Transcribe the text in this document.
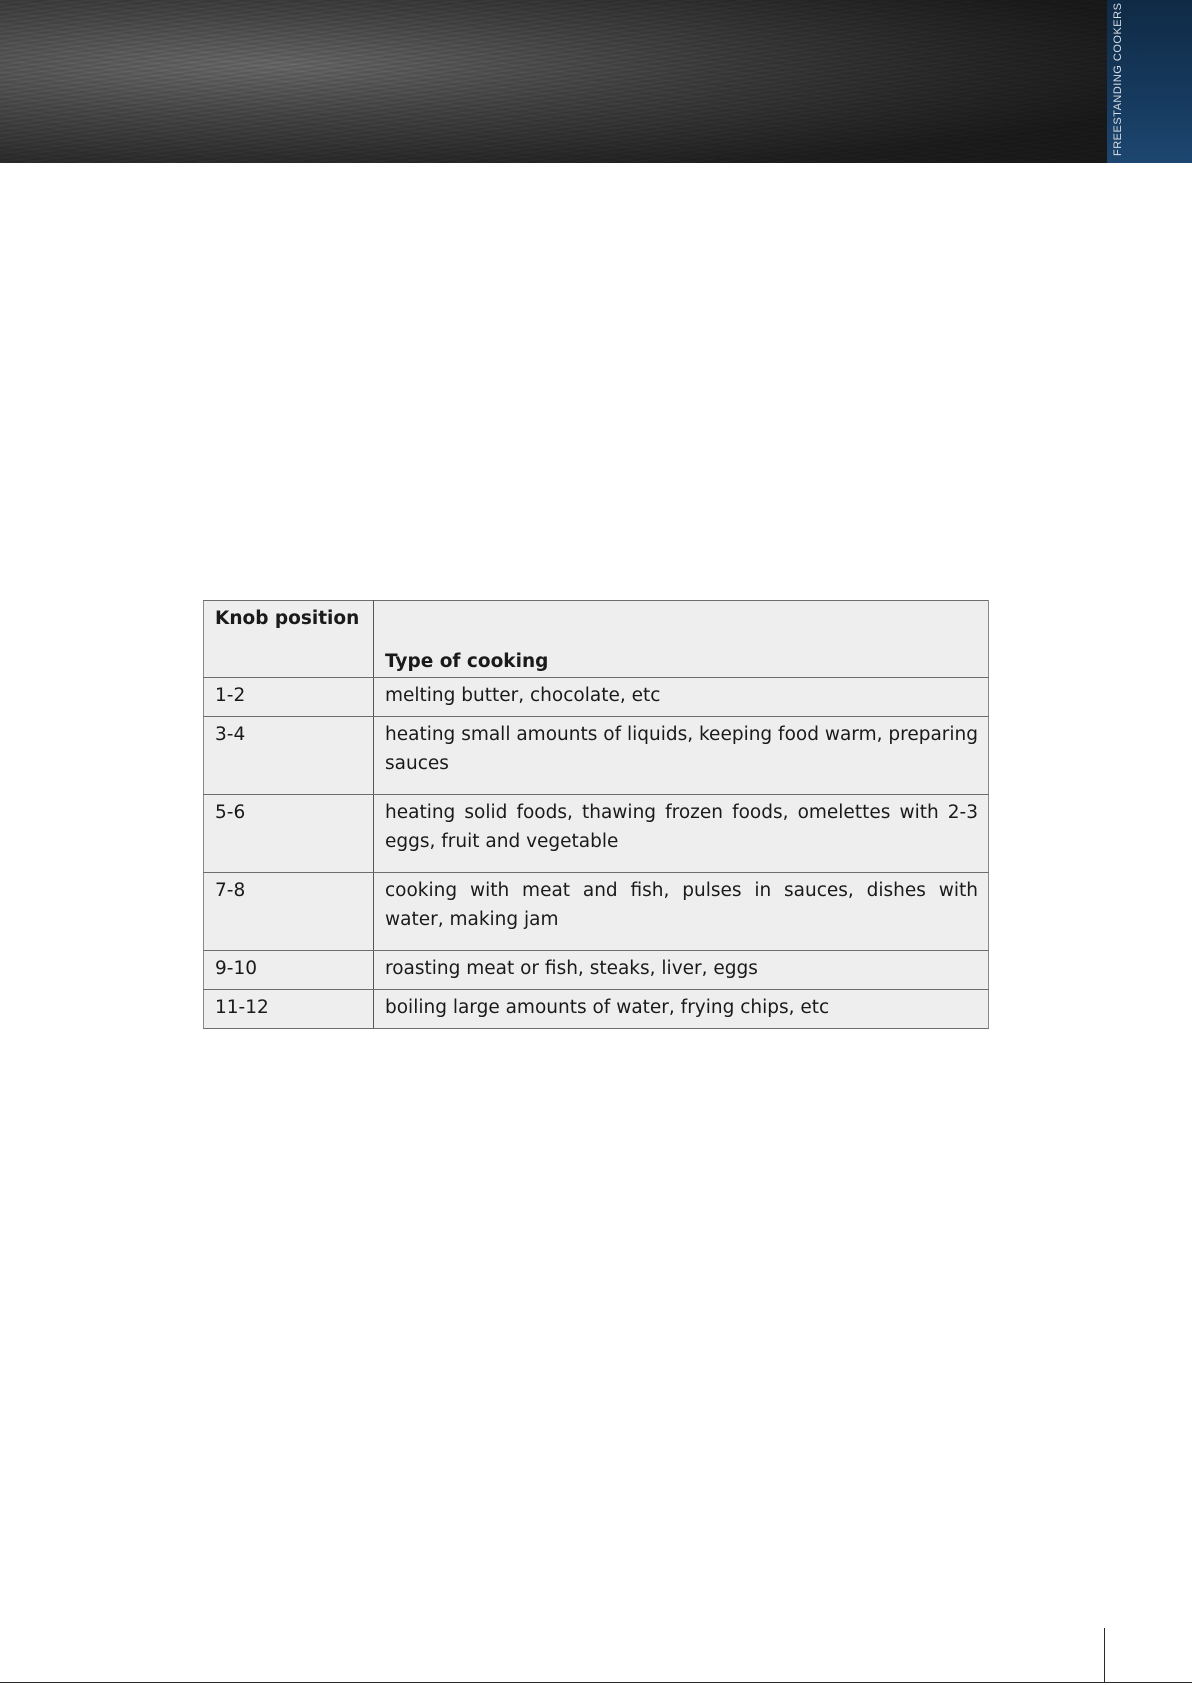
FREESTANDING COOKERS
Knob position	Type of cooking
1-2	melting butter, chocolate, etc
3-4	heating small amounts of liquids, keeping food warm, preparing sauces
5-6	heating solid foods, thawing frozen foods, omelettes with 2-3 eggs, fruit and vegetable
7-8	cooking with meat and fish, pulses in sauces, dishes with water, making jam
9-10	roasting meat or fish, steaks, liver, eggs
11-12	boiling large amounts of water, frying chips, etc
